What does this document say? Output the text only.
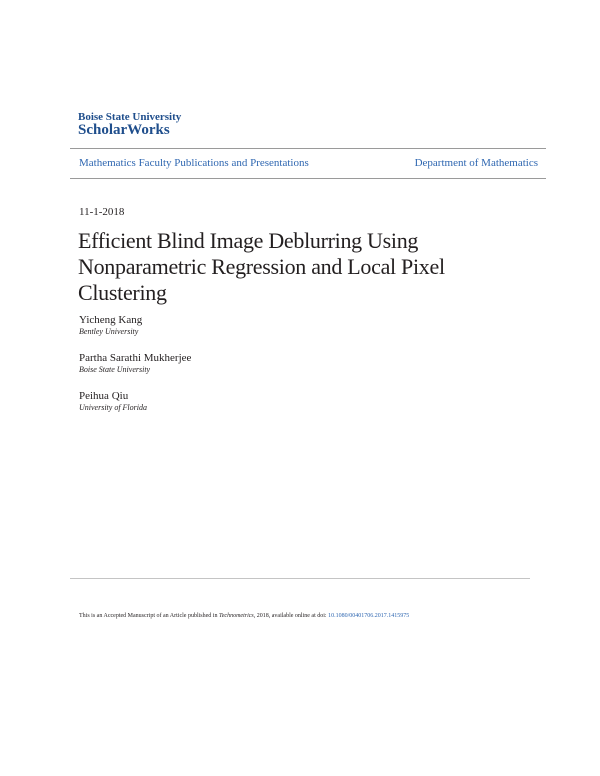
Boise State University
ScholarWorks
Mathematics Faculty Publications and Presentations	Department of Mathematics
11-1-2018
Efficient Blind Image Deblurring Using Nonparametric Regression and Local Pixel Clustering
Yicheng Kang
Bentley University
Partha Sarathi Mukherjee
Boise State University
Peihua Qiu
University of Florida
This is an Accepted Manuscript of an Article published in Technometrics, 2018, available online at doi: 10.1080/00401706.2017.1415975
